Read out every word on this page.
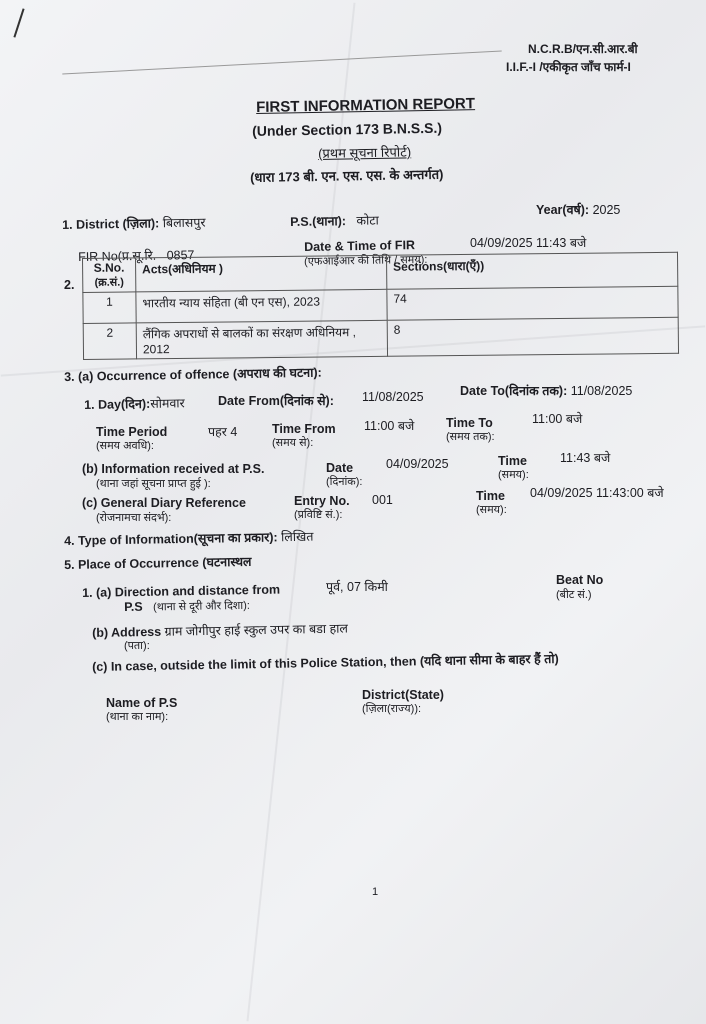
N.C.R.B/एन.सी.आर.बी
I.I.F.-I /एकीकृत जाँच फार्म-I
FIRST INFORMATION REPORT
(Under Section 173 B.N.S.S.)
(प्रथम सूचना रिपोर्ट)
(धारा 173 बी. एन. एस. एस. के अन्तर्गत)
1. District (ज़िला): बिलासपुर	P.S.(थाना): कोटा
Year(वर्ष): 2025
FIR No(प्र.सू.रि. 0857
Date & Time of FIR
(एफआईआर की तिथि / समय):
04/09/2025 11:43 बजे
2.
S.No.
(क्र.सं.)	Acts(अधिनियम )	Sections(धारा(एँ))
1	भारतीय न्याय संहिता (बी एन एस), 2023	74
2	लैंगिक अपराधों से बालकों का संरक्षण अधिनियम , 2012	8
3. (a) Occurrence of offence (अपराध की घटना):
1. Day(दिन):सोमवार	Date From(दिनांक से): 11/08/2025	Date To(दिनांक तक): 11/08/2025
Time Period
(समय अवधि):
पहर 4	Time From
(समय से):
11:00 बजे	Time To
(समय तक):
11:00 बजे
(b) Information received at P.S.
(थाना जहां सूचना प्राप्त हुई ):
Date
(दिनांक):
04/09/2025	Time
(समय):
11:43 बजे
(c) General Diary Reference
(रोजनामचा संदर्भ):
Entry No.
(प्रविष्टि सं.):
001	Time
(समय):
04/09/2025 11:43:00 बजे
4. Type of Information(सूचना का प्रकार): लिखित
5. Place of Occurrence (घटनास्थल
1. (a) Direction and distance from
P.S (थाना से दूरी और दिशा):
पूर्व, 07 किमी	Beat No
(बीट सं.)
(b) Address ग्राम जोगीपुर हाई स्कुल उपर का बडा हाल
(पता):
(c) In case, outside the limit of this Police Station, then (यदि थाना सीमा के बाहर हैं तो)
Name of P.S
(थाना का नाम):
District(State)
(ज़िला(राज्य)):
1
